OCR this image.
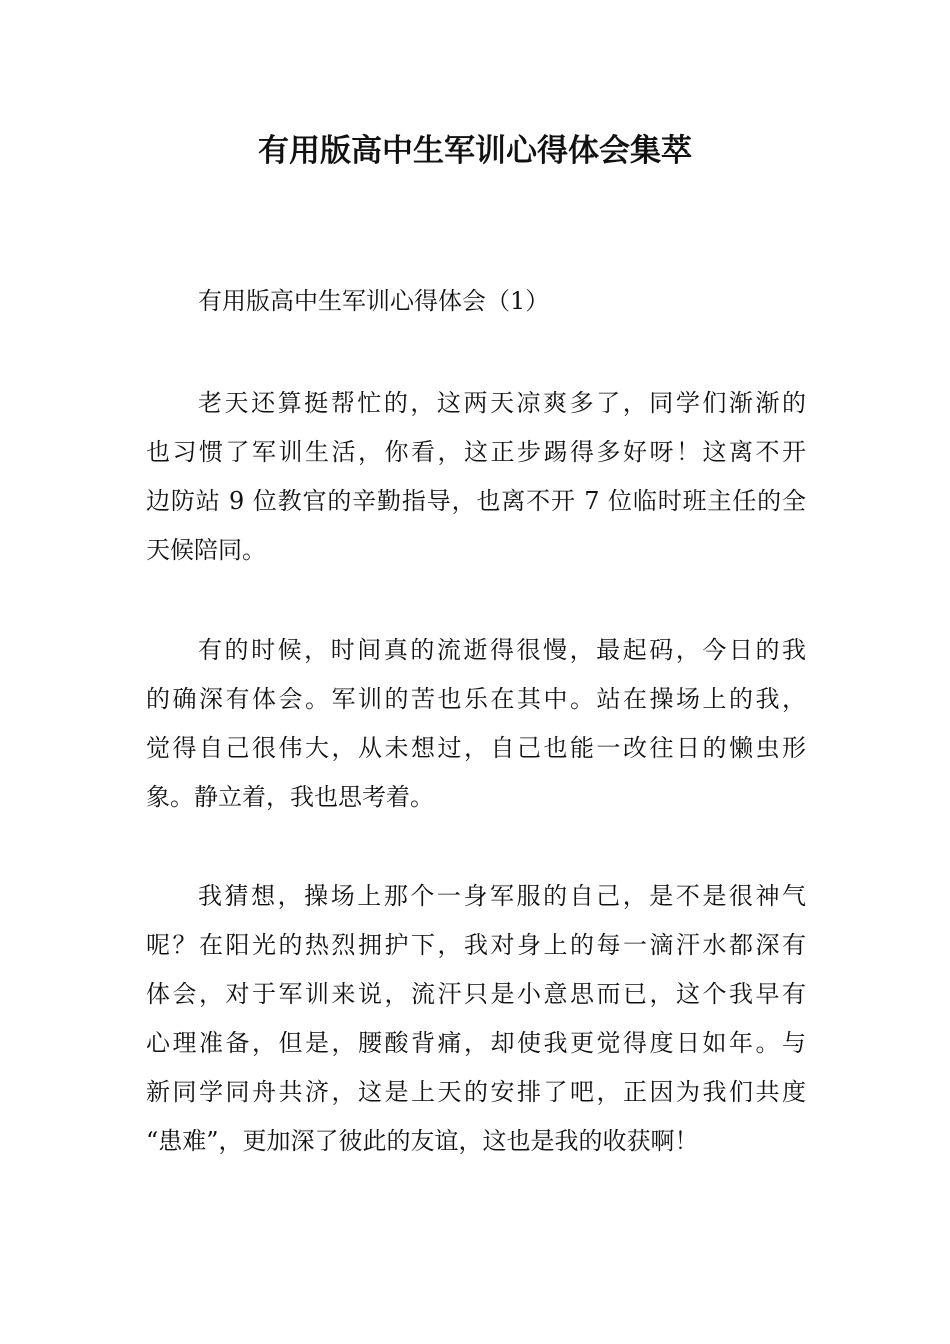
有用版高中生军训心得体会集萃

有用版高中生军训心得体会（1）

老天还算挺帮忙的，这两天凉爽多了，同学们渐渐的
也习惯了军训生活，你看，这正步踢得多好呀！这离不开
边防站 9 位教官的辛勤指导，也离不开 7 位临时班主任的全
天候陪同。
有的时候，时间真的流逝得很慢，最起码，今日的我
的确深有体会。军训的苦也乐在其中。站在操场上的我，
觉得自己很伟大，从未想过，自己也能一改往日的懒虫形
象。静立着，我也思考着。
我猜想，操场上那个一身军服的自己，是不是很神气
呢？在阳光的热烈拥护下，我对身上的每一滴汗水都深有
体会，对于军训来说，流汗只是小意思而已，这个我早有
心理准备，但是，腰酸背痛，却使我更觉得度日如年。与
新同学同舟共济，这是上天的安排了吧，正因为我们共度
“患难”，更加深了彼此的友谊，这也是我的收获啊！
